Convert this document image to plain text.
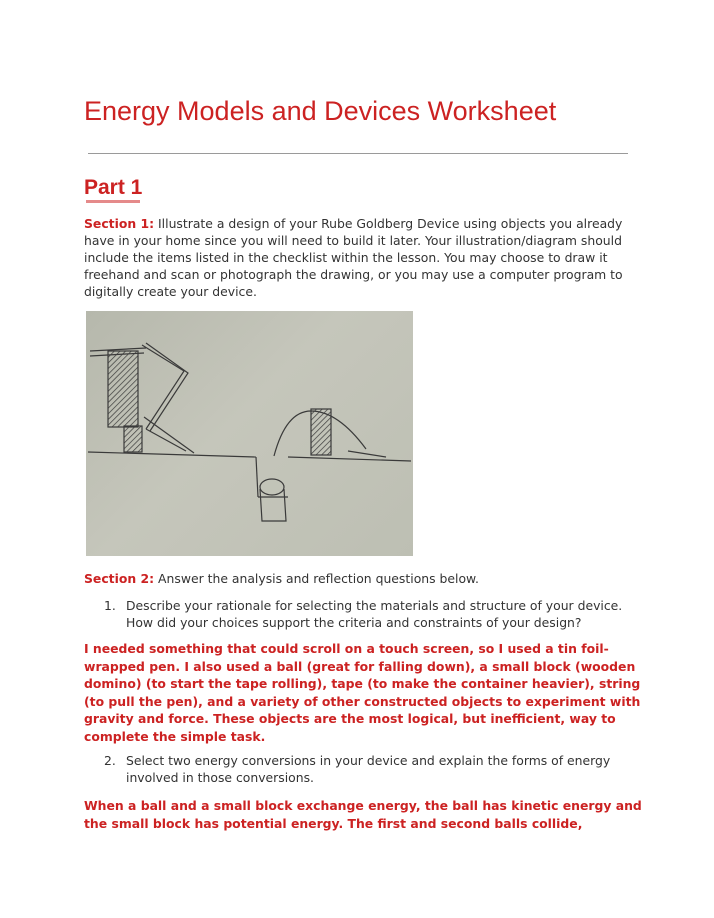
Energy Models and Devices Worksheet
Part 1

Section 1: Illustrate a design of your Rube Goldberg Device using objects you already have in your home since you will need to build it later. Your illustration/diagram should include the items listed in the checklist within the lesson. You may choose to draw it freehand and scan or photograph the drawing, or you may use a computer program to digitally create your device.

Section 2: Answer the analysis and reflection questions below.

1. Describe your rationale for selecting the materials and structure of your device. How did your choices support the criteria and constraints of your design?
I needed something that could scroll on a touch screen, so I used a tin foil-wrapped pen. I also used a ball (great for falling down), a small block (wooden domino) (to start the tape rolling), tape (to make the container heavier), string (to pull the pen), and a variety of other constructed objects to experiment with gravity and force. These objects are the most logical, but inefficient, way to complete the simple task.
2. Select two energy conversions in your device and explain the forms of energy involved in those conversions.
When a ball and a small block exchange energy, the ball has kinetic energy and the small block has potential energy. The first and second balls collide,
